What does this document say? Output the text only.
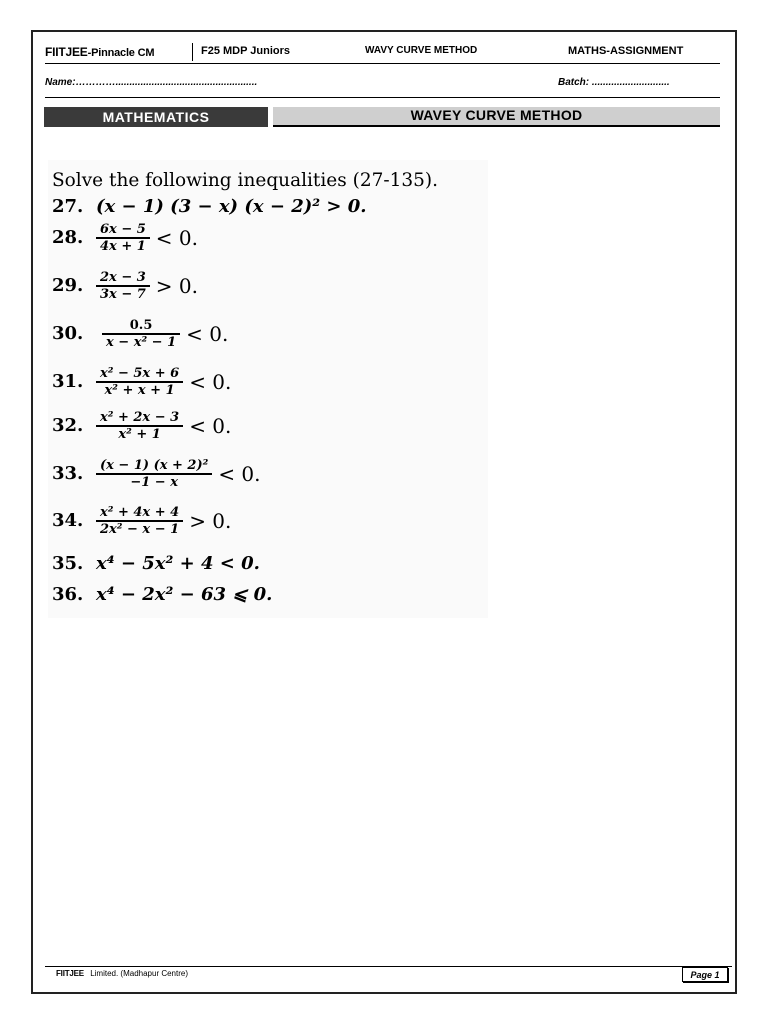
FIITJEE-Pinnacle CM	F25 MDP Juniors	WAVY CURVE METHOD	MATHS-ASSIGNMENT
Name:…………...................................................	Batch: ............................
MATHEMATICS	WAVEY CURVE METHOD
Solve the following inequalities (27-135).
27. (x − 1) (3 − x) (x − 2)² > 0.
28. $\frac{6x - 5}{4x + 1} < 0$.
29. $\frac{2x - 3}{3x - 7} > 0$.
30.	$\frac{0.5}{\text{x − x² − 1}} < 0$.
31. $\frac{\text{x² − 5x + 6}}{\text{x² + x + 1}} < 0$.
32. $\frac{\text{x² + 2x − 3}}{\text{x² + 1}} < 0$.
33. $\frac{\text{(x − 1) (x + 2)²}}{-1 - x} < 0$.
34. $\frac{\text{x² + 4x + 4}}{\text{2x² − x − 1}} > 0$.
35. x⁴ − 5x² + 4 < 0.
36. x⁴ − 2x² − 63 ⩽ 0.
FIITJEE Limited. (Madhapur Centre)	Page 1
